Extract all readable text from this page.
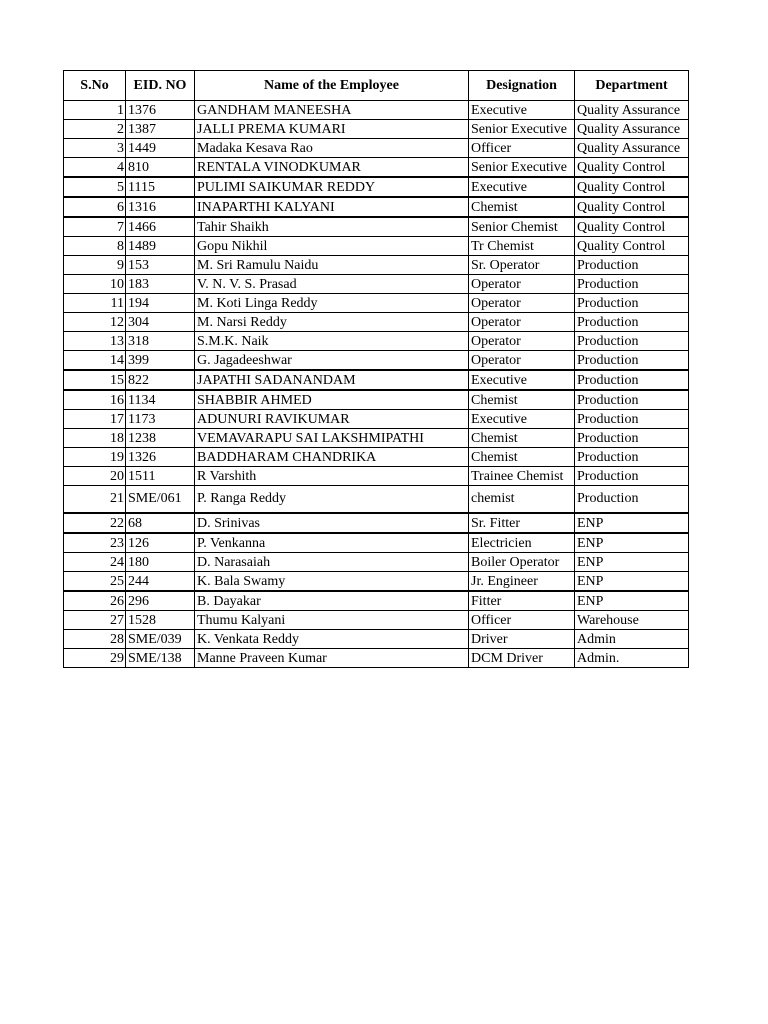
S.No	EID. NO	Name of the Employee	Designation	Department
1	1376	GANDHAM MANEESHA	Executive	Quality Assurance
2	1387	JALLI PREMA KUMARI	Senior Executive	Quality Assurance
3	1449	Madaka Kesava Rao	Officer	Quality Assurance
4	810	RENTALA VINODKUMAR	Senior Executive	Quality Control
5	1115	PULIMI SAIKUMAR REDDY	Executive	Quality Control
6	1316	INAPARTHI KALYANI	Chemist	Quality Control
7	1466	Tahir Shaikh	Senior Chemist	Quality Control
8	1489	Gopu Nikhil	Tr Chemist	Quality Control
9	153	M. Sri Ramulu Naidu	Sr. Operator	Production
10	183	V. N. V. S. Prasad	Operator	Production
11	194	M. Koti Linga Reddy	Operator	Production
12	304	M. Narsi Reddy	Operator	Production
13	318	S.M.K. Naik	Operator	Production
14	399	G. Jagadeeshwar	Operator	Production
15	822	JAPATHI SADANANDAM	Executive	Production
16	1134	SHABBIR AHMED	Chemist	Production
17	1173	ADUNURI RAVIKUMAR	Executive	Production
18	1238	VEMAVARAPU SAI LAKSHMIPATHI	Chemist	Production
19	1326	BADDHARAM CHANDRIKA	Chemist	Production
20	1511	R Varshith	Trainee Chemist	Production
21	SME/061	P. Ranga Reddy	chemist	Production
22	68	D. Srinivas	Sr. Fitter	ENP
23	126	P. Venkanna	Electricien	ENP
24	180	D. Narasaiah	Boiler Operator	ENP
25	244	K. Bala Swamy	Jr. Engineer	ENP
26	296	B. Dayakar	Fitter	ENP
27	1528	Thumu Kalyani	Officer	Warehouse
28	SME/039	K. Venkata Reddy	Driver	Admin
29	SME/138	Manne Praveen Kumar	DCM Driver	Admin.
